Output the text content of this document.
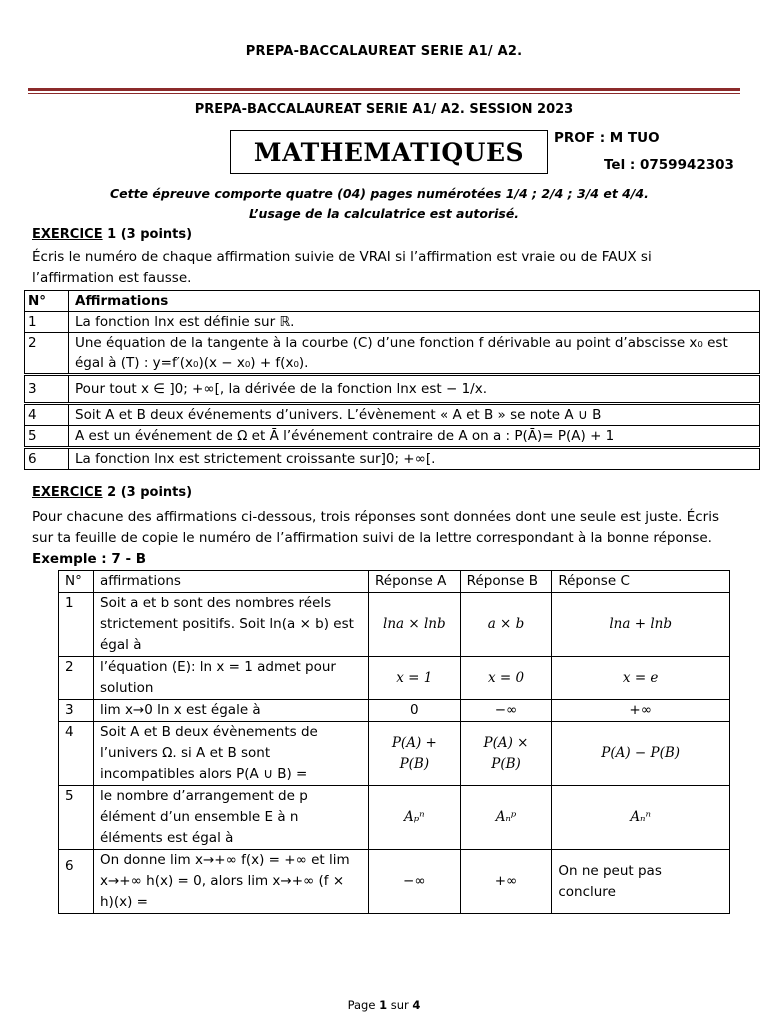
PREPA-BACCALAUREAT SERIE A1/ A2.
PREPA-BACCALAUREAT SERIE A1/ A2. SESSION 2023
MATHEMATIQUES PROF : M TUO
Tel : 0759942303
Cette épreuve comporte quatre (04) pages numérotées 1/4 ; 2/4 ; 3/4 et 4/4.
L’usage de la calculatrice est autorisé.
EXERCICE 1 (3 points)
Écris le numéro de chaque affirmation suivie de VRAI si l’affirmation est vraie ou de FAUX si l’affirmation est fausse.
N°	Affirmations
1	La fonction lnx est définie sur ℝ.
2	Une équation de la tangente à la courbe (C) d’une fonction f dérivable au point d’abscisse x₀ est égal à (T) : y=f′(x₀)(x − x₀) + f(x₀).
3	Pour tout x ∈ ]0; +∞[, la dérivée de la fonction lnx est − 1/x.
4	Soit A et B deux événements d’univers. L’évènement « A et B » se note A ∪ B
5	A est un événement de Ω et Ā l’événement contraire de A on a : P(Ā)= P(A) + 1
6	La fonction lnx est strictement croissante sur]0; +∞[.
EXERCICE 2 (3 points)
Pour chacune des affirmations ci-dessous, trois réponses sont données dont une seule est juste. Écris sur ta feuille de copie le numéro de l’affirmation suivi de la lettre correspondant à la bonne réponse. Exemple : 7 - B
N°	affirmations	Réponse A	Réponse B	Réponse C
1	Soit a et b sont des nombres réels strictement positifs. Soit ln(a × b) est égal à	lna × lnb	a × b	lna + lnb
2	l’équation (E): ln x = 1 admet pour solution	x = 1	x = 0	x = e
3	lim x→0 ln x est égale à	0	−∞	+∞
4	Soit A et B deux évènements de l’univers Ω. si A et B sont incompatibles alors P(A ∪ B) =	P(A) + P(B)	P(A) × P(B)	P(A) − P(B)
5	le nombre d’arrangement de p élément d’un ensemble E à n éléments est égal à	Aₚⁿ	Aₙᵖ	Aₙⁿ
6	On donne lim x→+∞ f(x) = +∞ et lim x→+∞ h(x) = 0, alors lim x→+∞ (f × h)(x) =	−∞	+∞	On ne peut pas conclure
Page 1 sur 4
